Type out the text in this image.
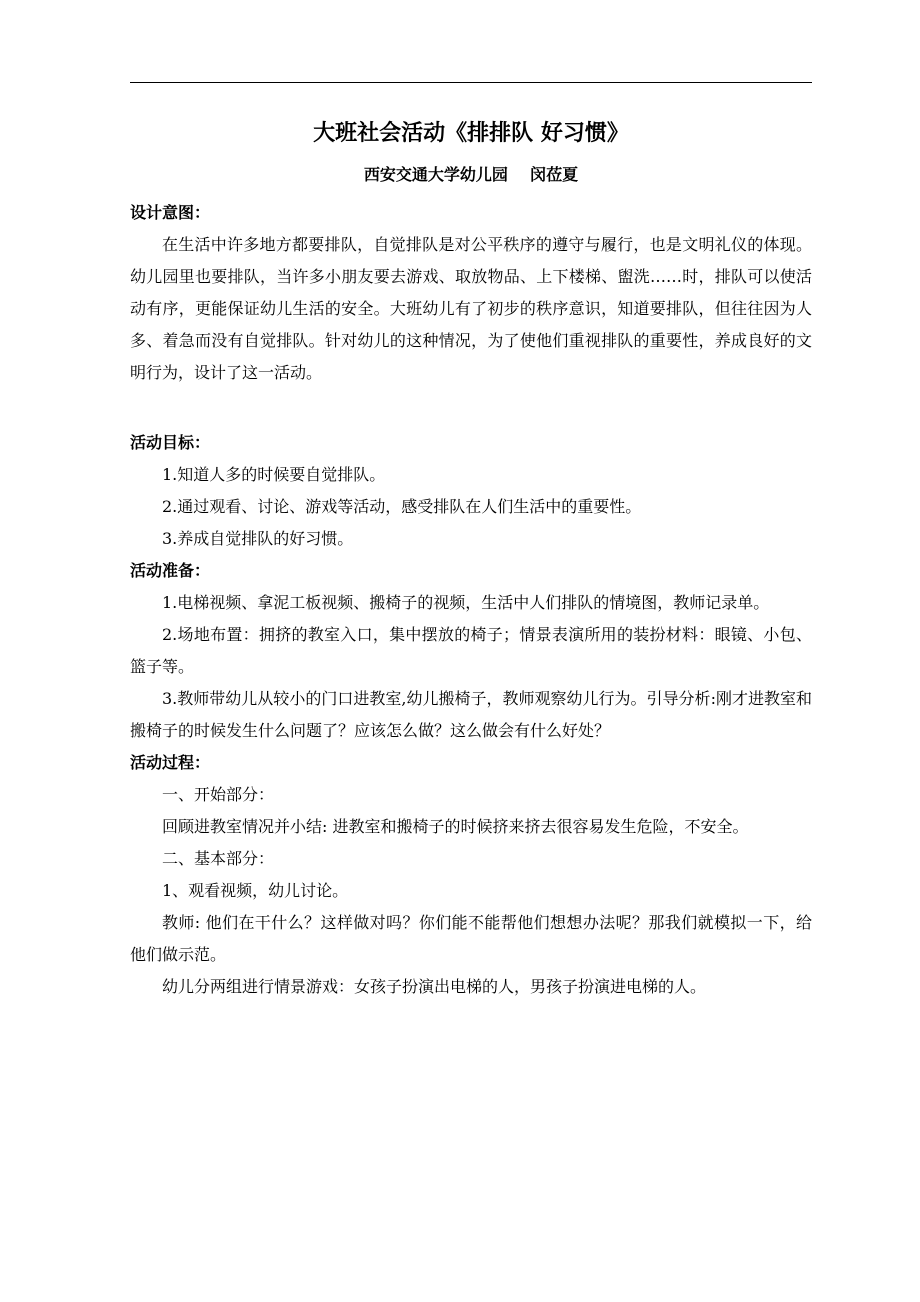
大班社会活动《排排队 好习惯》

西安交通大学幼儿园    闵莅夏

设计意图：

在生活中许多地方都要排队，自觉排队是对公平秩序的遵守与履行，也是文明礼仪的体现。幼儿园里也要排队，当许多小朋友要去游戏、取放物品、上下楼梯、盥洗……时，排队可以使活动有序，更能保证幼儿生活的安全。大班幼儿有了初步的秩序意识，知道要排队，但往往因为人多、着急而没有自觉排队。针对幼儿的这种情况，为了使他们重视排队的重要性，养成良好的文明行为，设计了这一活动。

活动目标：

1.知道人多的时候要自觉排队。

2.通过观看、讨论、游戏等活动，感受排队在人们生活中的重要性。

3.养成自觉排队的好习惯。

活动准备：

1.电梯视频、拿泥工板视频、搬椅子的视频，生活中人们排队的情境图，教师记录单。

2.场地布置：拥挤的教室入口，集中摆放的椅子；情景表演所用的装扮材料：眼镜、小包、篮子等。

3.教师带幼儿从较小的门口进教室,幼儿搬椅子，教师观察幼儿行为。引导分析:刚才进教室和搬椅子的时候发生什么问题了？应该怎么做？这么做会有什么好处？

活动过程：

一、开始部分：

回顾进教室情况并小结: 进教室和搬椅子的时候挤来挤去很容易发生危险，不安全。

二、基本部分：

1、观看视频，幼儿讨论。

教师: 他们在干什么？这样做对吗？你们能不能帮他们想想办法呢？那我们就模拟一下，给他们做示范。

幼儿分两组进行情景游戏：女孩子扮演出电梯的人，男孩子扮演进电梯的人。
